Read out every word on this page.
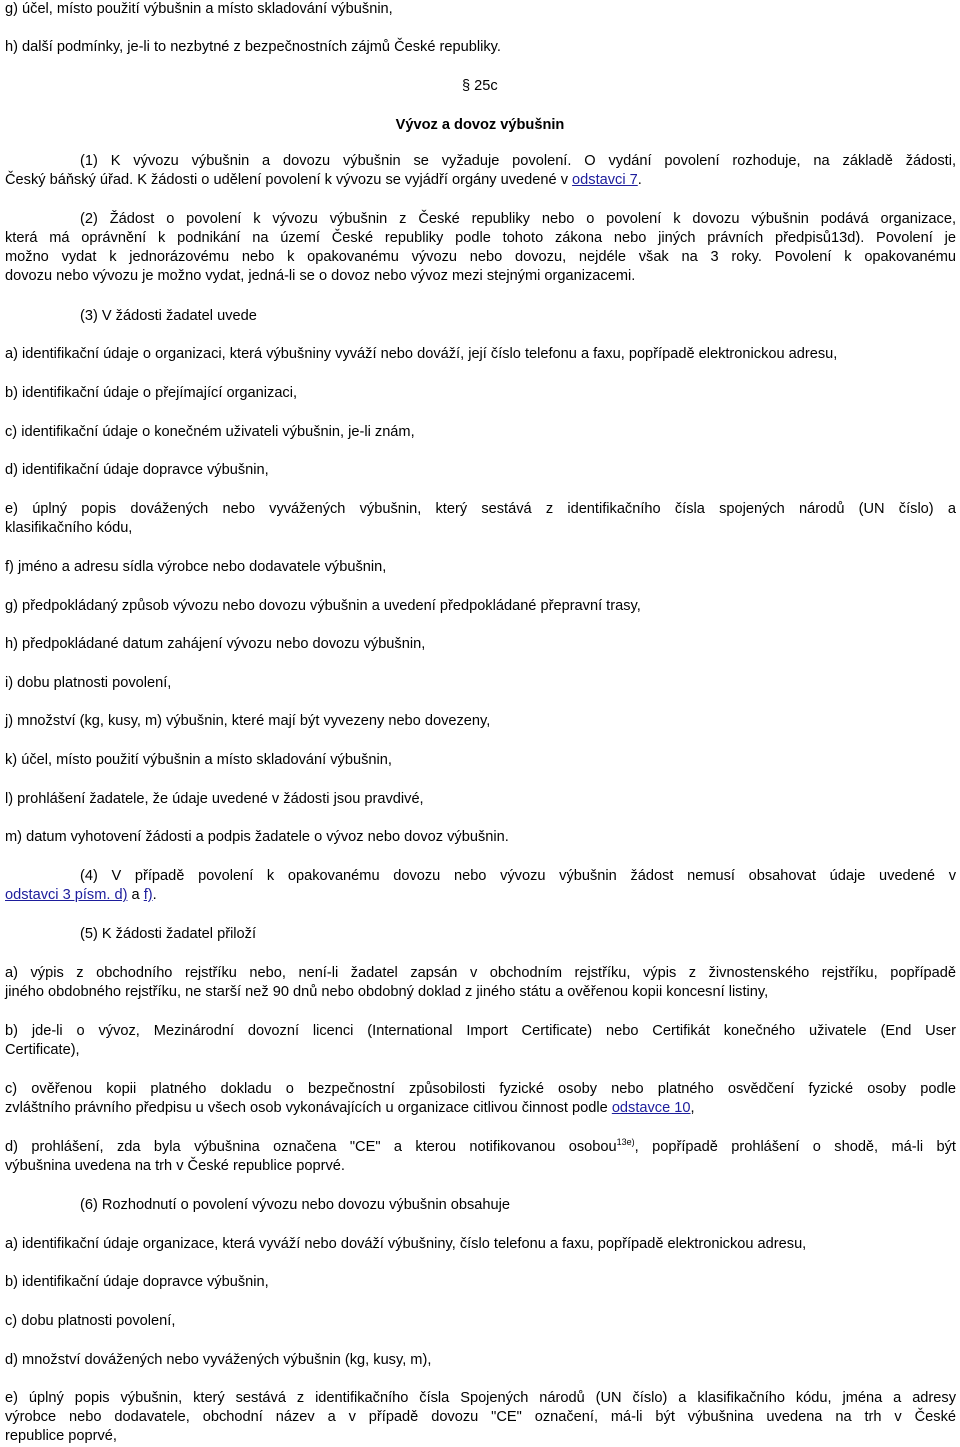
g) účel, místo použití výbušnin a místo skladování výbušnin,
h) další podmínky, je-li to nezbytné z bezpečnostních zájmů České republiky.
§ 25c
Vývoz a dovoz výbušnin
(1) K vývozu výbušnin a dovozu výbušnin se vyžaduje povolení. O vydání povolení rozhoduje, na základě žádosti,
Český báňský úřad. K žádosti o udělení povolení k vývozu se vyjádří orgány uvedené v odstavci 7.
(2) Žádost o povolení k vývozu výbušnin z České republiky nebo o povolení k dovozu výbušnin podává organizace,
která má oprávnění k podnikání na území České republiky podle tohoto zákona nebo jiných právních předpisů13d). Povolení je
možno vydat k jednorázovému nebo k opakovanému vývozu nebo dovozu, nejdéle však na 3 roky. Povolení k opakovanému
dovozu nebo vývozu je možno vydat, jedná-li se o dovoz nebo vývoz mezi stejnými organizacemi.
(3) V žádosti žadatel uvede
a) identifikační údaje o organizaci, která výbušniny vyváží nebo dováží, její číslo telefonu a faxu, popřípadě elektronickou adresu,
b) identifikační údaje o přejímající organizaci,
c) identifikační údaje o konečném uživateli výbušnin, je-li znám,
d) identifikační údaje dopravce výbušnin,
e) úplný popis dovážených nebo vyvážených výbušnin, který sestává z identifikačního čísla spojených národů (UN číslo) a
klasifikačního kódu,
f) jméno a adresu sídla výrobce nebo dodavatele výbušnin,
g) předpokládaný způsob vývozu nebo dovozu výbušnin a uvedení předpokládané přepravní trasy,
h) předpokládané datum zahájení vývozu nebo dovozu výbušnin,
i) dobu platnosti povolení,
j) množství (kg, kusy, m) výbušnin, které mají být vyvezeny nebo dovezeny,
k) účel, místo použití výbušnin a místo skladování výbušnin,
l) prohlášení žadatele, že údaje uvedené v žádosti jsou pravdivé,
m) datum vyhotovení žádosti a podpis žadatele o vývoz nebo dovoz výbušnin.
(4) V případě povolení k opakovanému dovozu nebo vývozu výbušnin žádost nemusí obsahovat údaje uvedené v
odstavci 3 písm. d) a f).
(5) K žádosti žadatel přiloží
a) výpis z obchodního rejstříku nebo, není-li žadatel zapsán v obchodním rejstříku, výpis z živnostenského rejstříku, popřípadě
jiného obdobného rejstříku, ne starší než 90 dnů nebo obdobný doklad z jiného státu a ověřenou kopii koncesní listiny,
b) jde-li o vývoz, Mezinárodní dovozní licenci (International Import Certificate) nebo Certifikát konečného uživatele (End User
Certificate),
c) ověřenou kopii platného dokladu o bezpečnostní způsobilosti fyzické osoby nebo platného osvědčení fyzické osoby podle
zvláštního právního předpisu u všech osob vykonávajících u organizace citlivou činnost podle odstavce 10,
d) prohlášení, zda byla výbušnina označena "CE" a kterou notifikovanou osobou$^{13e)}$, popřípadě prohlášení o shodě, má-li být
výbušnina uvedena na trh v České republice poprvé.
(6) Rozhodnutí o povolení vývozu nebo dovozu výbušnin obsahuje
a) identifikační údaje organizace, která vyváží nebo dováží výbušniny, číslo telefonu a faxu, popřípadě elektronickou adresu,
b) identifikační údaje dopravce výbušnin,
c) dobu platnosti povolení,
d) množství dovážených nebo vyvážených výbušnin (kg, kusy, m),
e) úplný popis výbušnin, který sestává z identifikačního čísla Spojených národů (UN číslo) a klasifikačního kódu, jména a adresy
výrobce nebo dodavatele, obchodní název a v případě dovozu "CE" označení, má-li být výbušnina uvedena na trh v České
republice poprvé,
